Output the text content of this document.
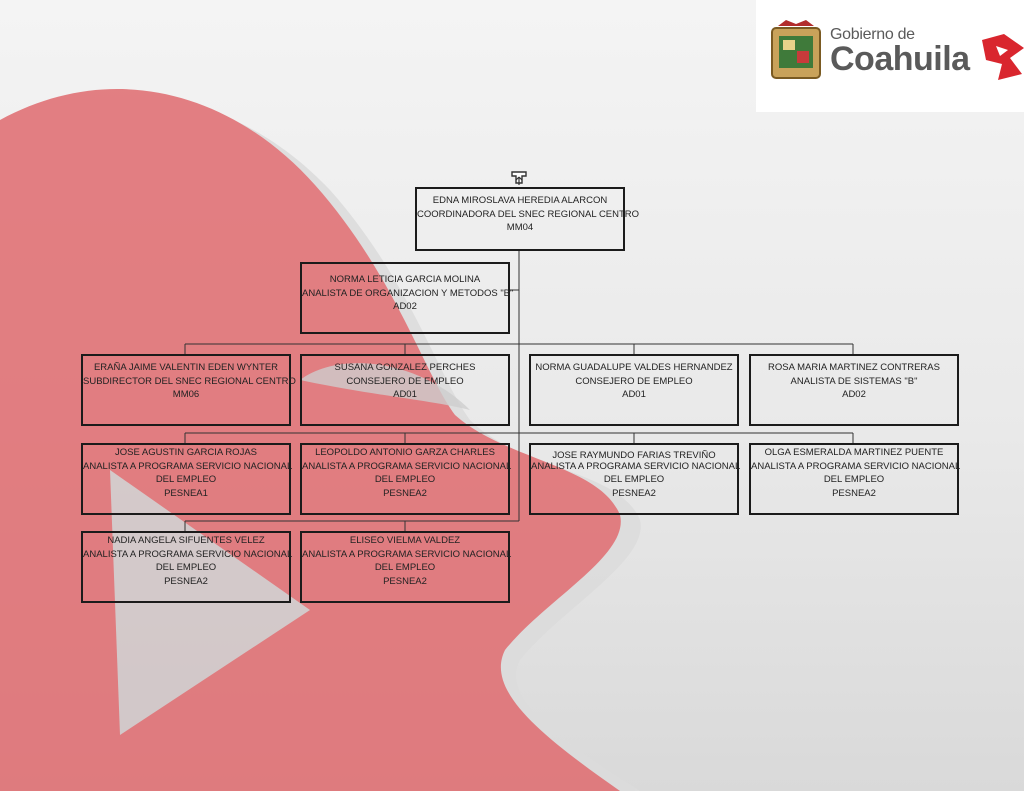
Gobierno de
Coahuila
EDNA MIROSLAVA HEREDIA ALARCON
COORDINADORA DEL SNEC REGIONAL CENTRO
MM04
NORMA LETICIA GARCIA MOLINA
ANALISTA DE ORGANIZACION Y METODOS "B"
AD02
ERAÑA JAIME VALENTIN EDEN WYNTER
SUBDIRECTOR DEL SNEC REGIONAL CENTRO
MM06
SUSANA GONZALEZ PERCHES
CONSEJERO DE EMPLEO
AD01
NORMA GUADALUPE VALDES HERNANDEZ
CONSEJERO DE EMPLEO
AD01
ROSA MARIA MARTINEZ CONTRERAS
ANALISTA DE SISTEMAS "B"
AD02
JOSE AGUSTIN GARCIA ROJAS
ANALISTA A PROGRAMA SERVICIO NACIONAL
DEL EMPLEO
PESNEA1
LEOPOLDO ANTONIO GARZA CHARLES
ANALISTA A PROGRAMA SERVICIO NACIONAL
DEL EMPLEO
PESNEA2
JOSE RAYMUNDO FARIAS TREVIÑO
ANALISTA A PROGRAMA SERVICIO NACIONAL
DEL EMPLEO
PESNEA2
OLGA ESMERALDA MARTINEZ PUENTE
ANALISTA A PROGRAMA SERVICIO NACIONAL
DEL EMPLEO
PESNEA2
NADIA ANGELA SIFUENTES VELEZ
ANALISTA A PROGRAMA SERVICIO NACIONAL
DEL EMPLEO
PESNEA2
ELISEO VIELMA VALDEZ
ANALISTA A PROGRAMA SERVICIO NACIONAL
DEL EMPLEO
PESNEA2
